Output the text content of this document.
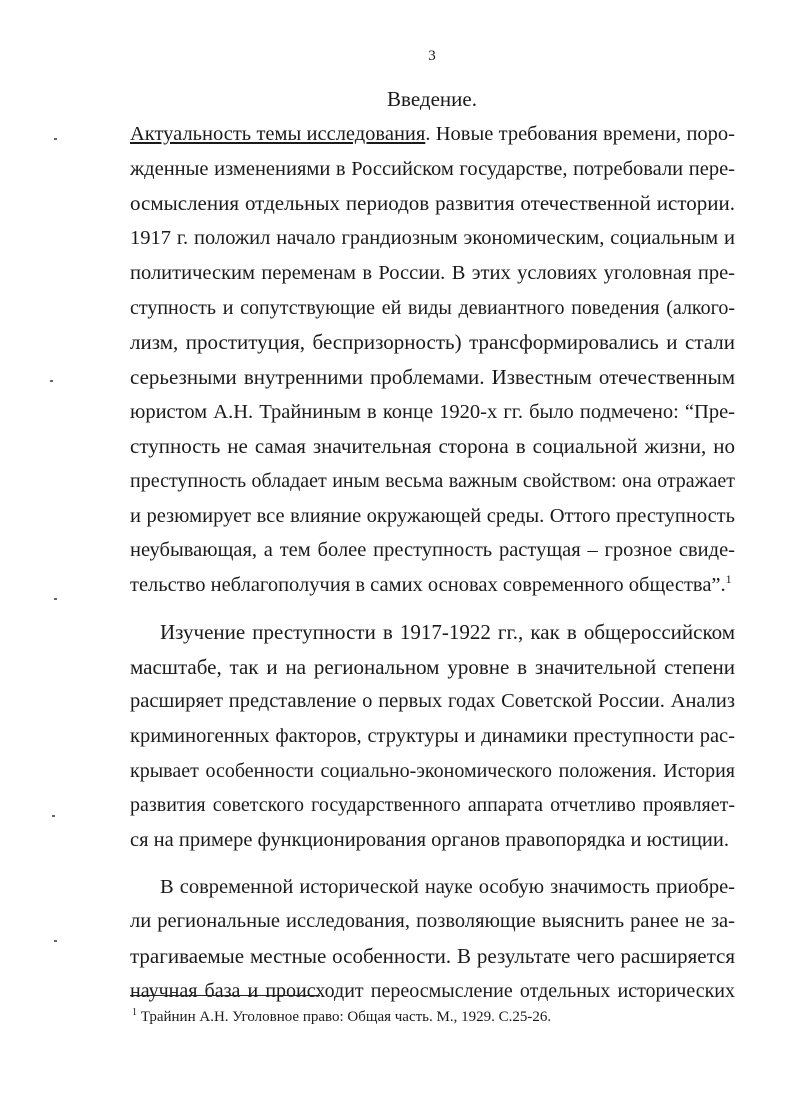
3
Введение.
Актуальность темы исследования. Новые требования времени, поро-
жденные изменениями в Российском государстве, потребовали пере-
осмысления отдельных периодов развития отечественной истории.
1917 г. положил начало грандиозным экономическим, социальным и
политическим переменам в России. В этих условиях уголовная пре-
ступность и сопутствующие ей виды девиантного поведения (алкого-
лизм, проституция, беспризорность) трансформировались и стали
серьезными внутренними проблемами. Известным отечественным
юристом А.Н. Трайниным в конце 1920-х гг. было подмечено: “Пре-
ступность не самая значительная сторона в социальной жизни, но
преступность обладает иным весьма важным свойством: она отражает
и резюмирует все влияние окружающей среды. Оттого преступность
неубывающая, а тем более преступность растущая – грозное свиде-
тельство неблагополучия в самих основах современного общества”.$^1$
Изучение преступности в 1917-1922 гг., как в общероссийском
масштабе, так и на региональном уровне в значительной степени
расширяет представление о первых годах Советской России. Анализ
криминогенных факторов, структуры и динамики преступности рас-
крывает особенности социально-экономического положения. История
развития советского государственного аппарата отчетливо проявляет-
ся на примере функционирования органов правопорядка и юстиции.
В современной исторической науке особую значимость приобре-
ли региональные исследования, позволяющие выяснить ранее не за-
трагиваемые местные особенности. В результате чего расширяется
научная база и происходит переосмысление отдельных исторических
$^1$ Трайнин А.Н. Уголовное право: Общая часть. М., 1929. С.25-26.
